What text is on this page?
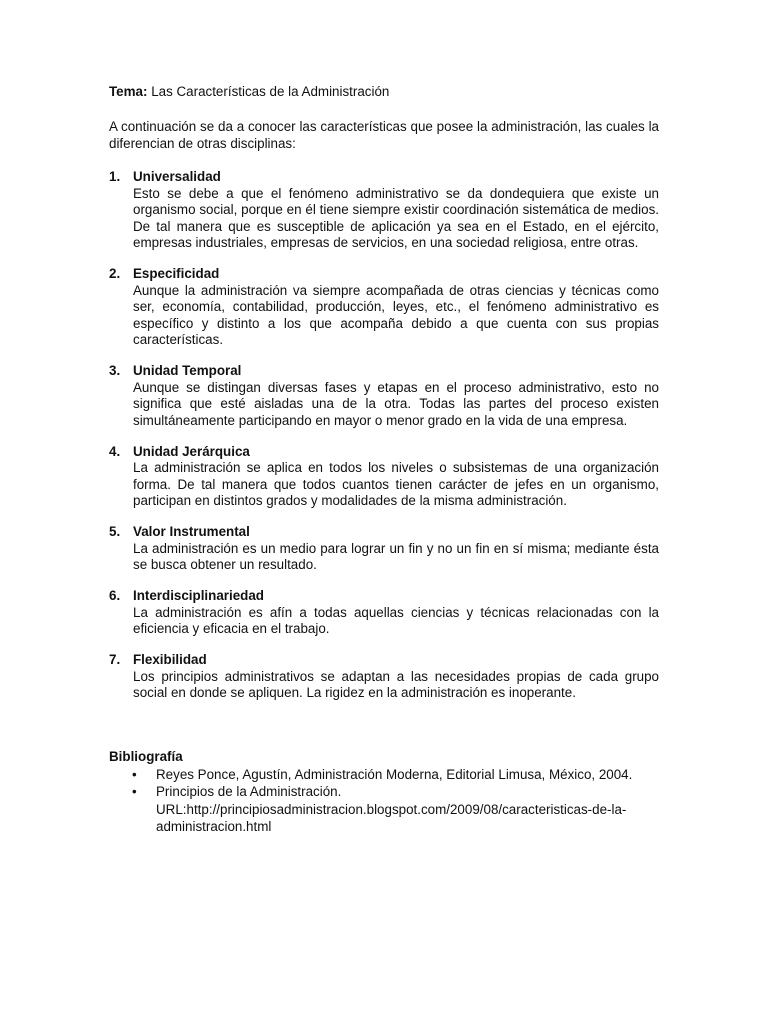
Tema: Las Características de la Administración

A continuación se da a conocer las características que posee la administración, las cuales la diferencian de otras disciplinas:
1. Universalidad
Esto se debe a que el fenómeno administrativo se da dondequiera que existe un organismo social, porque en él tiene siempre existir coordinación sistemática de medios. De tal manera que es susceptible de aplicación ya sea en el Estado, en el ejército, empresas industriales, empresas de servicios, en una sociedad religiosa, entre otras.
2. Especificidad
Aunque la administración va siempre acompañada de otras ciencias y técnicas como ser, economía, contabilidad, producción, leyes, etc., el fenómeno administrativo es específico y distinto a los que acompaña debido a que cuenta con sus propias características.
3. Unidad Temporal
Aunque se distingan diversas fases y etapas en el proceso administrativo, esto no significa que esté aisladas una de la otra. Todas las partes del proceso existen simultáneamente participando en mayor o menor grado en la vida de una empresa.
4. Unidad Jerárquica
La administración se aplica en todos los niveles o subsistemas de una organización forma. De tal manera que todos cuantos tienen carácter de jefes en un organismo, participan en distintos grados y modalidades de la misma administración.
5. Valor Instrumental
La administración es un medio para lograr un fin y no un fin en sí misma; mediante ésta se busca obtener un resultado.
6. Interdisciplinariedad
La administración es afín a todas aquellas ciencias y técnicas relacionadas con la eficiencia y eficacia en el trabajo.
7. Flexibilidad
Los principios administrativos se adaptan a las necesidades propias de cada grupo social en donde se apliquen. La rigidez en la administración es inoperante.
Bibliografía
• Reyes Ponce, Agustín, Administración Moderna, Editorial Limusa, México, 2004.
• Principios de la Administración.
URL:http://principiosadministracion.blogspot.com/2009/08/caracteristicas-de-la-administracion.html
